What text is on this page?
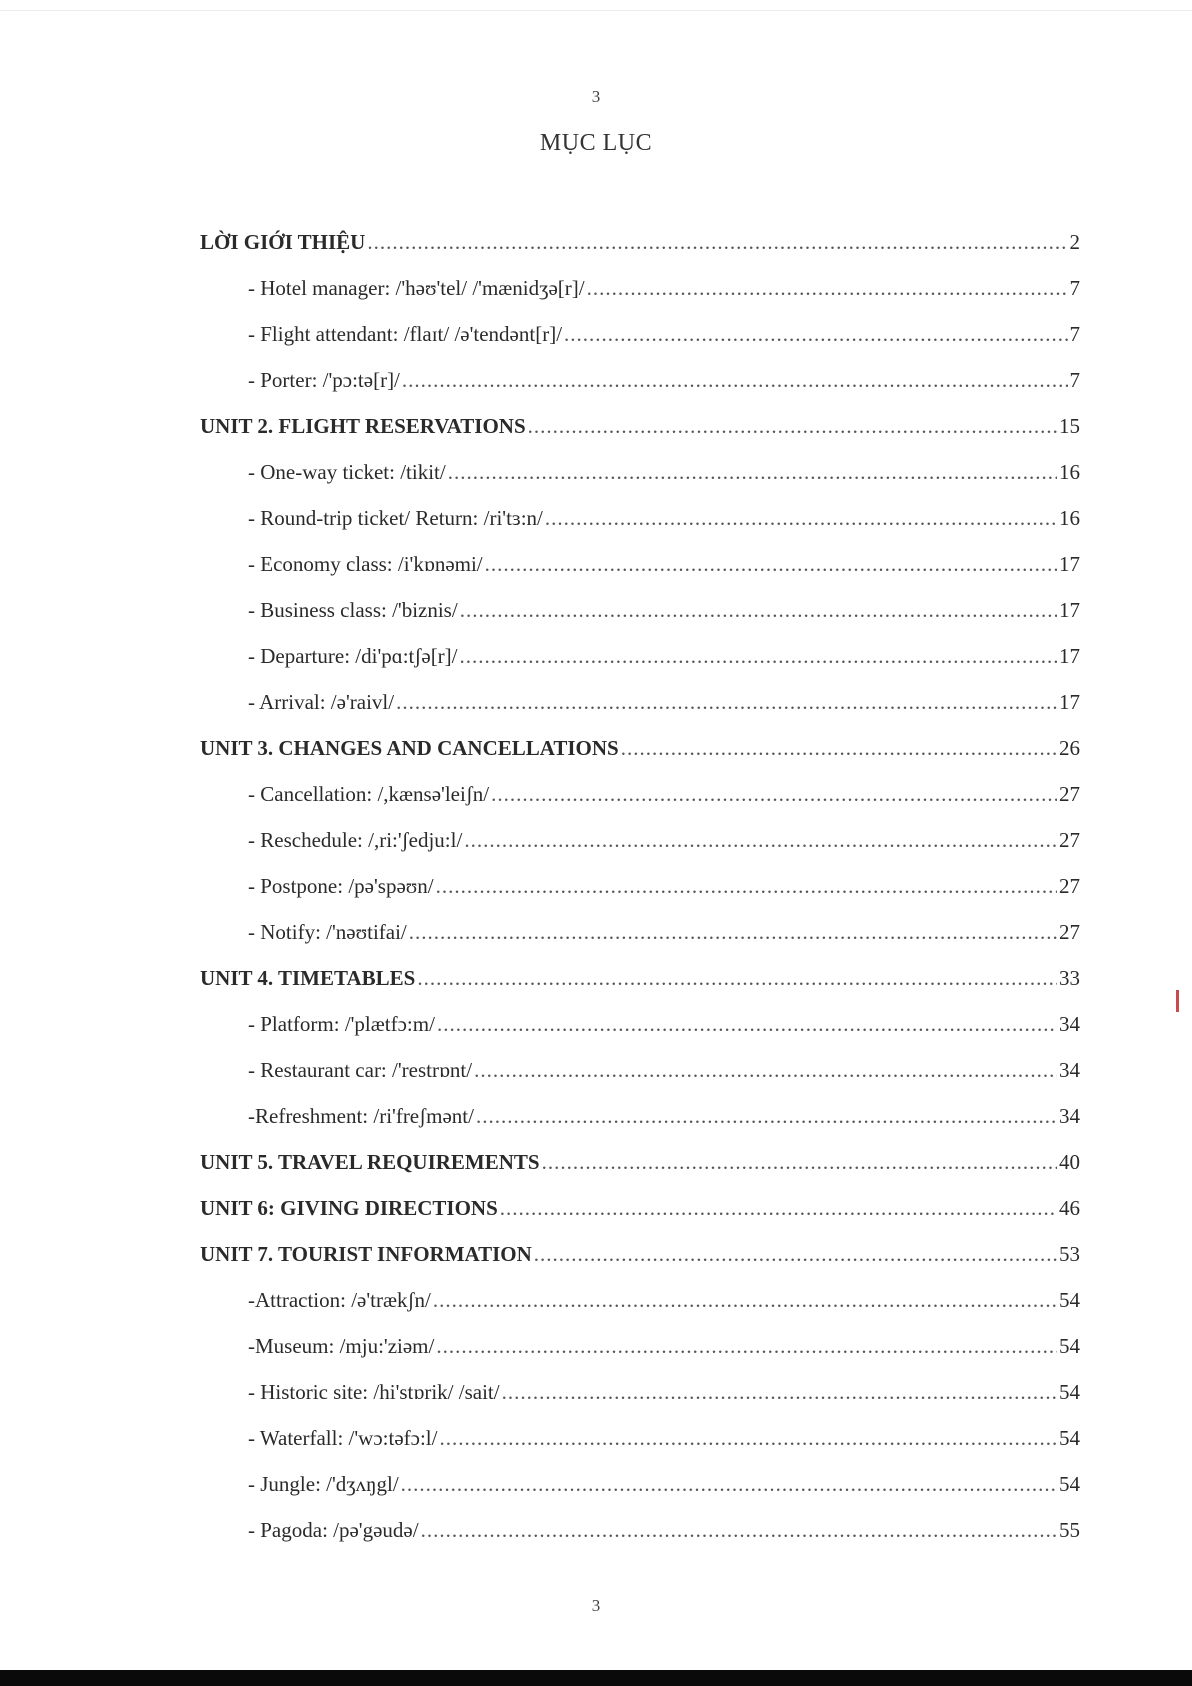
3
MỤC LỤC
LỜI GIỚI THIỆU .....	2
- Hotel manager: /'həʊ'tel/ /'mænidʒə[r]/ .....	7
- Flight attendant: /flaɪt/ /ə'tendənt[r]/ .....	7
- Porter: /'pɔ:tə[r]/ .....	7
UNIT 2. FLIGHT RESERVATIONS .....	15
- One-way ticket: /tikit/ .....	16
- Round-trip ticket/ Return: /ri'tɜ:n/ .....	16
- Economy class: /i'kɒnəmi/ .....	17
- Business class: /'biznis/ .....	17
- Departure: /di'pɑ:tʃə[r]/ .....	17
- Arrival: /ə'raivl/ .....	17
UNIT 3. CHANGES AND CANCELLATIONS .....	26
- Cancellation: /,kænsə'leiʃn/ .....	27
- Reschedule: /,ri:'ʃedju:l/ .....	27
- Postpone: /pə'spəʊn/ .....	27
- Notify: /'nəʊtifai/ .....	27
UNIT 4. TIMETABLES .....	33
- Platform: /'plætfɔ:m/ .....	34
- Restaurant car: /'restrɒnt/ .....	34
-Refreshment: /ri'freʃmənt/ .....	34
UNIT 5. TRAVEL REQUIREMENTS .....	40
UNIT 6: GIVING DIRECTIONS .....	46
UNIT 7. TOURIST INFORMATION .....	53
-Attraction: /ə'trækʃn/ .....	54
-Museum: /mju:'ziəm/ .....	54
- Historic site: /hi'stɒrik/ /sait/ .....	54
- Waterfall: /'wɔ:təfɔ:l/ .....	54
- Jungle: /'dʒʌŋgl/ .....	54
- Pagoda: /pə'gəudə/ .....	55
3
